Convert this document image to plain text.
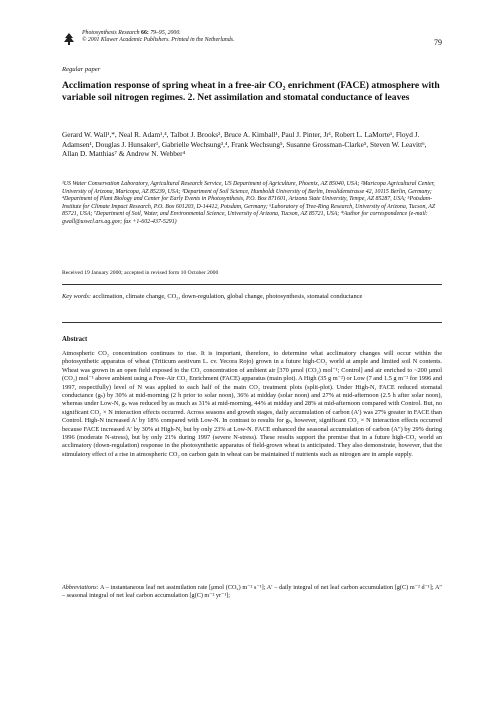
Photosynthesis Research 66: 79–95, 2000.
© 2001 Kluwer Academic Publishers. Printed in the Netherlands.	79
Regular paper
Acclimation response of spring wheat in a free-air CO₂ enrichment (FACE) atmosphere with variable soil nitrogen regimes. 2. Net assimilation and stomatal conductance of leaves
Gerard W. Wall¹,*, Neal R. Adam¹,⁴, Talbot J. Brooks², Bruce A. Kimball¹, Paul J. Pinter, Jr¹, Robert L. LaMorte¹, Floyd J. Adamsen¹, Douglas J. Hunsaker¹, Gabrielle Wechsung³,⁴, Frank Wechsung⁵, Susanne Grossman-Clarke⁵, Steven W. Leavitt⁶, Allan D. Matthias⁷ & Andrew N. Webber⁴
¹US Water Conservation Laboratory, Agricultural Research Service, US Department of Agriculture, Phoenix, AZ 85040, USA; ²Maricopa Agricultural Center, University of Arizona, Maricopa, AZ 85239, USA; ³Department of Soil Science, Humboldt University of Berlin, Invalidenstrasse 42, 10115 Berlin, Germany; ⁴Department of Plant Biology and Center for Early Events in Photosynthesis, P.O. Box 871601, Arizona State University, Tempe, AZ 85287, USA; ⁵Potsdam-Institute for Climate Impact Research, P.O. Box 601203, D-14412, Potsdam, Germany; ⁶Laboratory of Tree-Ring Research, University of Arizona, Tucson, AZ 85721, USA; ⁷Department of Soil, Water, and Environmental Science, University of Arizona, Tucson, AZ 85721, USA; *Author for correspondence (e-mail: gwall@uswcl.ars.ag.gov; fax +1-602-437-5291)
Received 19 January 2000; accepted in revised form 10 October 2000
Key words: acclimation, climate change, CO₂, down-regulation, global change, photosynthesis, stomatal conductance
Abstract
Atmospheric CO₂ concentration continues to rise. It is important, therefore, to determine what acclimatory changes will occur within the photosynthetic apparatus of wheat (Triticum aestivum L. cv. Yecora Rojo) grown in a future high-CO₂ world at ample and limited soil N contents. Wheat was grown in an open field exposed to the CO₂ concentration of ambient air [370 μmol (CO₂) mol⁻¹; Control] and air enriched to ~200 μmol (CO₂) mol⁻¹ above ambient using a Free-Air CO₂ Enrichment (FACE) apparatus (main plot). A High (35 g m⁻²) or Low (7 and 1.5 g m⁻² for 1996 and 1997, respectfully) level of N was applied to each half of the main CO₂ treatment plots (split-plot). Under High-N, FACE reduced stomatal conductance (gₛ) by 30% at mid-morning (2 h prior to solar noon), 36% at midday (solar noon) and 27% at mid-afternoon (2.5 h after solar noon), whereas under Low-N, gₛ was reduced by as much as 31% at mid-morning, 44% at midday and 28% at mid-afternoon compared with Control. But, no significant CO₂ × N interaction effects occurred. Across seasons and growth stages, daily accumulation of carbon (A′) was 27% greater in FACE than Control. High-N increased A′ by 18% compared with Low-N. In contrast to results for gₛ, however, significant CO₂ × N interaction effects occurred because FACE increased A′ by 30% at High-N, but by only 23% at Low-N. FACE enhanced the seasonal accumulation of carbon (A″) by 29% during 1996 (moderate N-stress), but by only 21% during 1997 (severe N-stress). These results support the premise that in a future high-CO₂ world an acclimatory (down-regulation) response in the photosynthetic apparatus of field-grown wheat is anticipated. They also demonstrate, however, that the stimulatory effect of a rise in atmospheric CO₂ on carbon gain in wheat can be maintained if nutrients such as nitrogen are in ample supply.
Abbreviations: A – instantaneous leaf net assimilation rate [μmol (CO₂) m⁻² s⁻¹]; A′ – daily integral of net leaf carbon accumulation [g(C) m⁻² d⁻¹]; A″ – seasonal integral of net leaf carbon accumulation [g(C) m⁻² yr⁻¹];
